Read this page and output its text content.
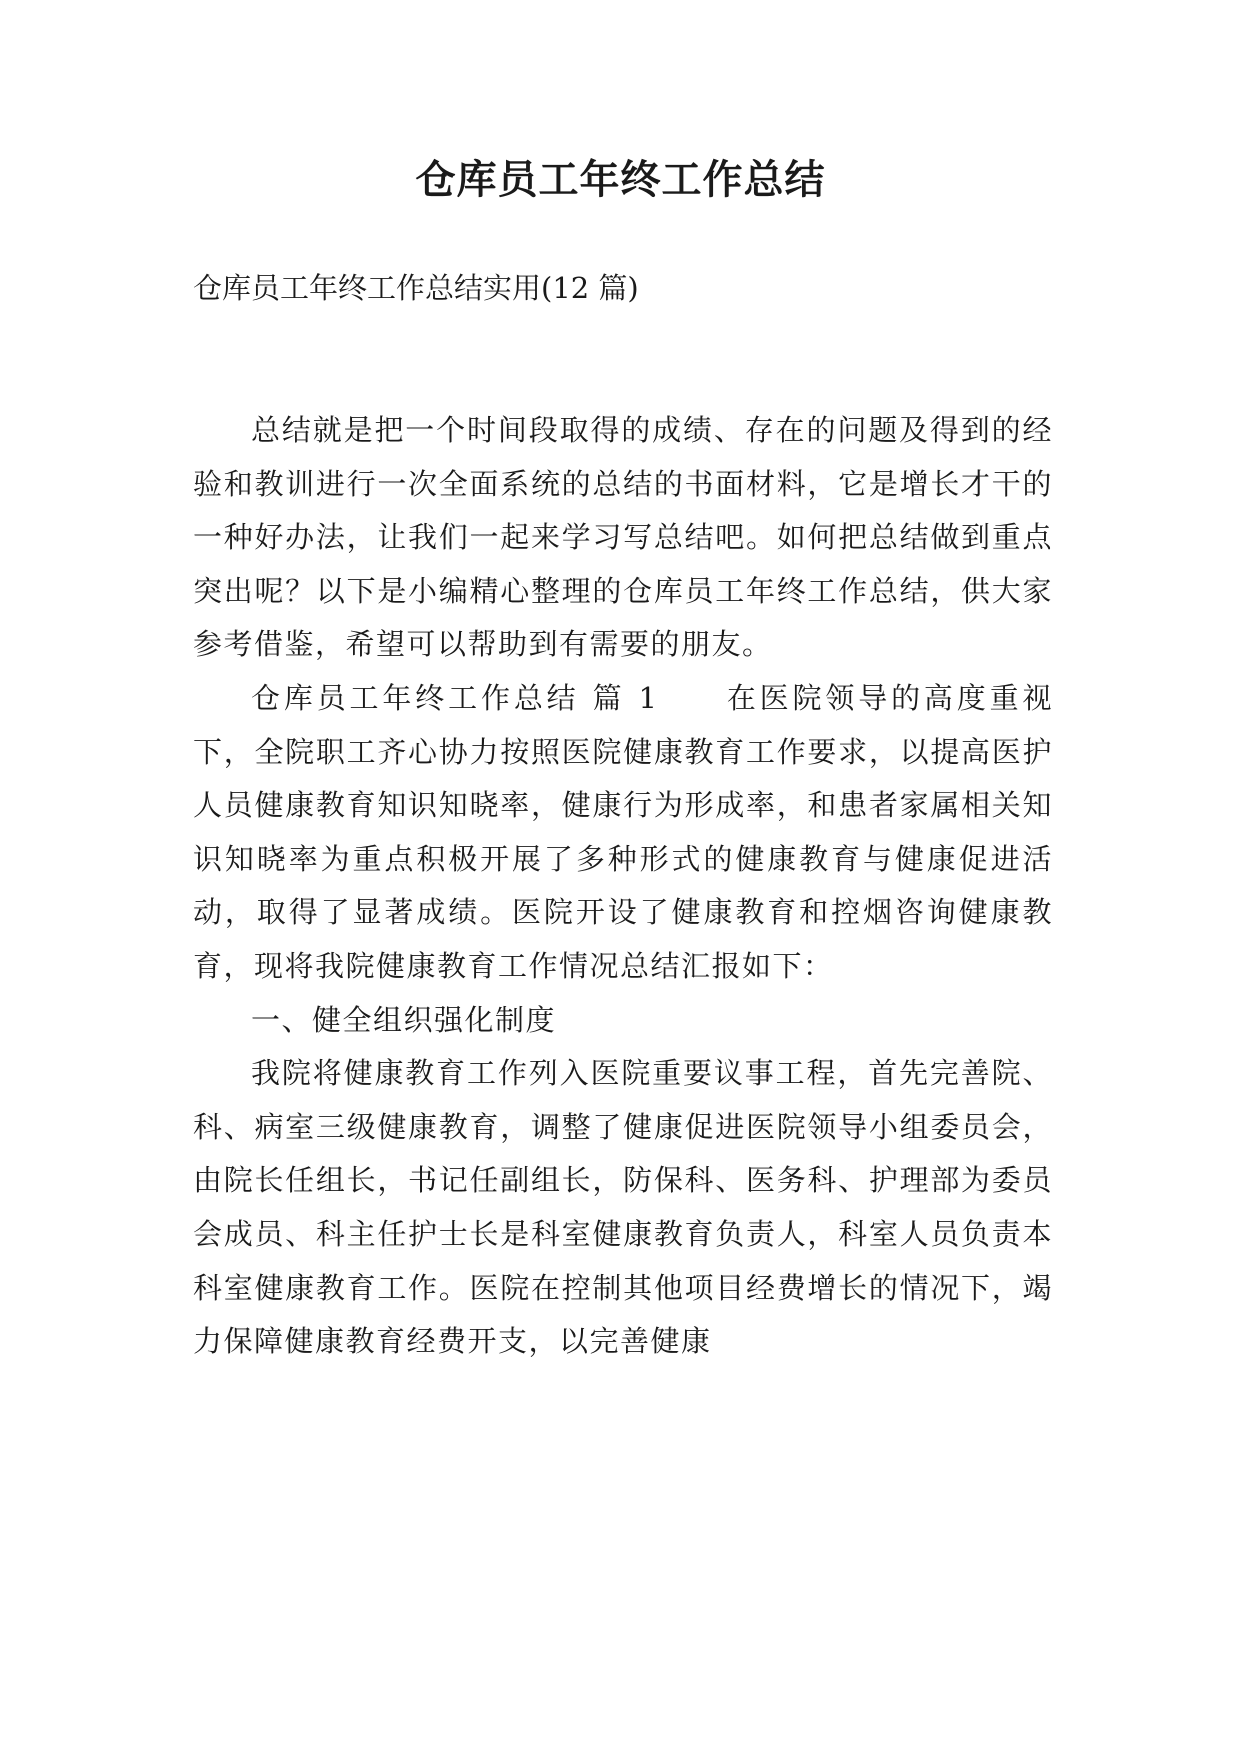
仓库员工年终工作总结

仓库员工年终工作总结实用(12 篇)

总结就是把一个时间段取得的成绩、存在的问题及得到的经验和教训进行一次全面系统的总结的书面材料，它是增长才干的一种好办法，让我们一起来学习写总结吧。如何把总结做到重点突出呢？以下是小编精心整理的仓库员工年终工作总结，供大家参考借鉴，希望可以帮助到有需要的朋友。

仓库员工年终工作总结 篇 1 在医院领导的高度重视下，全院职工齐心协力按照医院健康教育工作要求，以提高医护人员健康教育知识知晓率，健康行为形成率，和患者家属相关知识知晓率为重点积极开展了多种形式的健康教育与健康促进活动，取得了显著成绩。医院开设了健康教育和控烟咨询健康教育，现将我院健康教育工作情况总结汇报如下：

一、健全组织强化制度

我院将健康教育工作列入医院重要议事工程，首先完善院、科、病室三级健康教育，调整了健康促进医院领导小组委员会，由院长任组长，书记任副组长，防保科、医务科、护理部为委员会成员、科主任护士长是科室健康教育负责人，科室人员负责本科室健康教育工作。医院在控制其他项目经费增长的情况下，竭力保障健康教育经费开支，以完善健康
